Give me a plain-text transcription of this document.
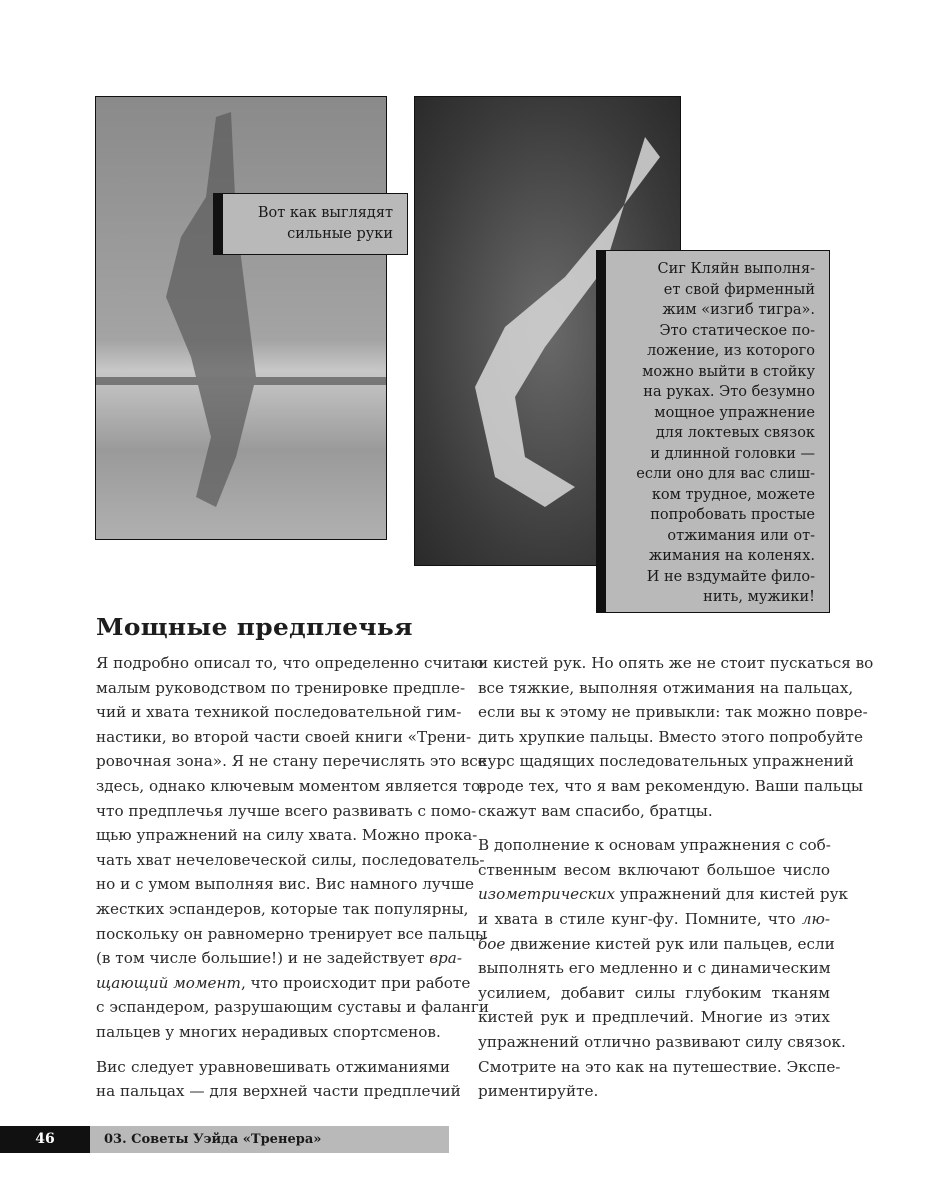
Вот как выглядят
сильные руки
Сиг Кляйн выполня-
ет свой фирменный
жим «изгиб тигра».
Это статическое по-
ложение, из которого
можно выйти в стойку
на руках. Это безумно
мощное упражнение
для локтевых связок
и длинной головки —
если оно для вас слиш-
ком трудное, можете
попробовать простые
отжимания или от-
жимания на коленях.
И не вздумайте фило-
нить, мужики!
Мощные предплечья
Я подробно описал то, что определенно считаю
малым руководством по тренировке предпле-
чий и хвата техникой последовательной гим-
настики, во второй части своей книги «Трени-
ровочная зона». Я не стану перечислять это все
здесь, однако ключевым моментом является то,
что предплечья лучше всего развивать с помо-
щью упражнений на силу хвата. Можно прока-
чать хват нечеловеческой силы, последователь-
но и с умом выполняя вис. Вис намного лучше
жестких эспандеров, которые так популярны,
поскольку он равномерно тренирует все пальцы
(в том числе большие!) и не задействует вра-
щающий момент, что происходит при работе
с эспандером, разрушающим суставы и фаланги
пальцев у многих нерадивых спортсменов.
Вис следует уравновешивать отжиманиями
на пальцах — для верхней части предплечий
и кистей рук. Но опять же не стоит пускаться во
все тяжкие, выполняя отжимания на пальцах,
если вы к этому не привыкли: так можно повре-
дить хрупкие пальцы. Вместо этого попробуйте
курс щадящих последовательных упражнений
вроде тех, что я вам рекомендую. Ваши пальцы
скажут вам спасибо, братцы.
В дополнение к основам упражнения с соб-
ственным весом включают большое число
изометрических упражнений для кистей рук
и хвата в стиле кунг-фу. Помните, что лю-
бое движение кистей рук или пальцев, если
выполнять его медленно и с динамическим
усилием, добавит силы глубоким тканям
кистей рук и предплечий. Многие из этих
упражнений отлично развивают силу связок.
Смотрите на это как на путешествие. Экспе-
риментируйте.
46	03. Советы Уэйда «Тренера»
